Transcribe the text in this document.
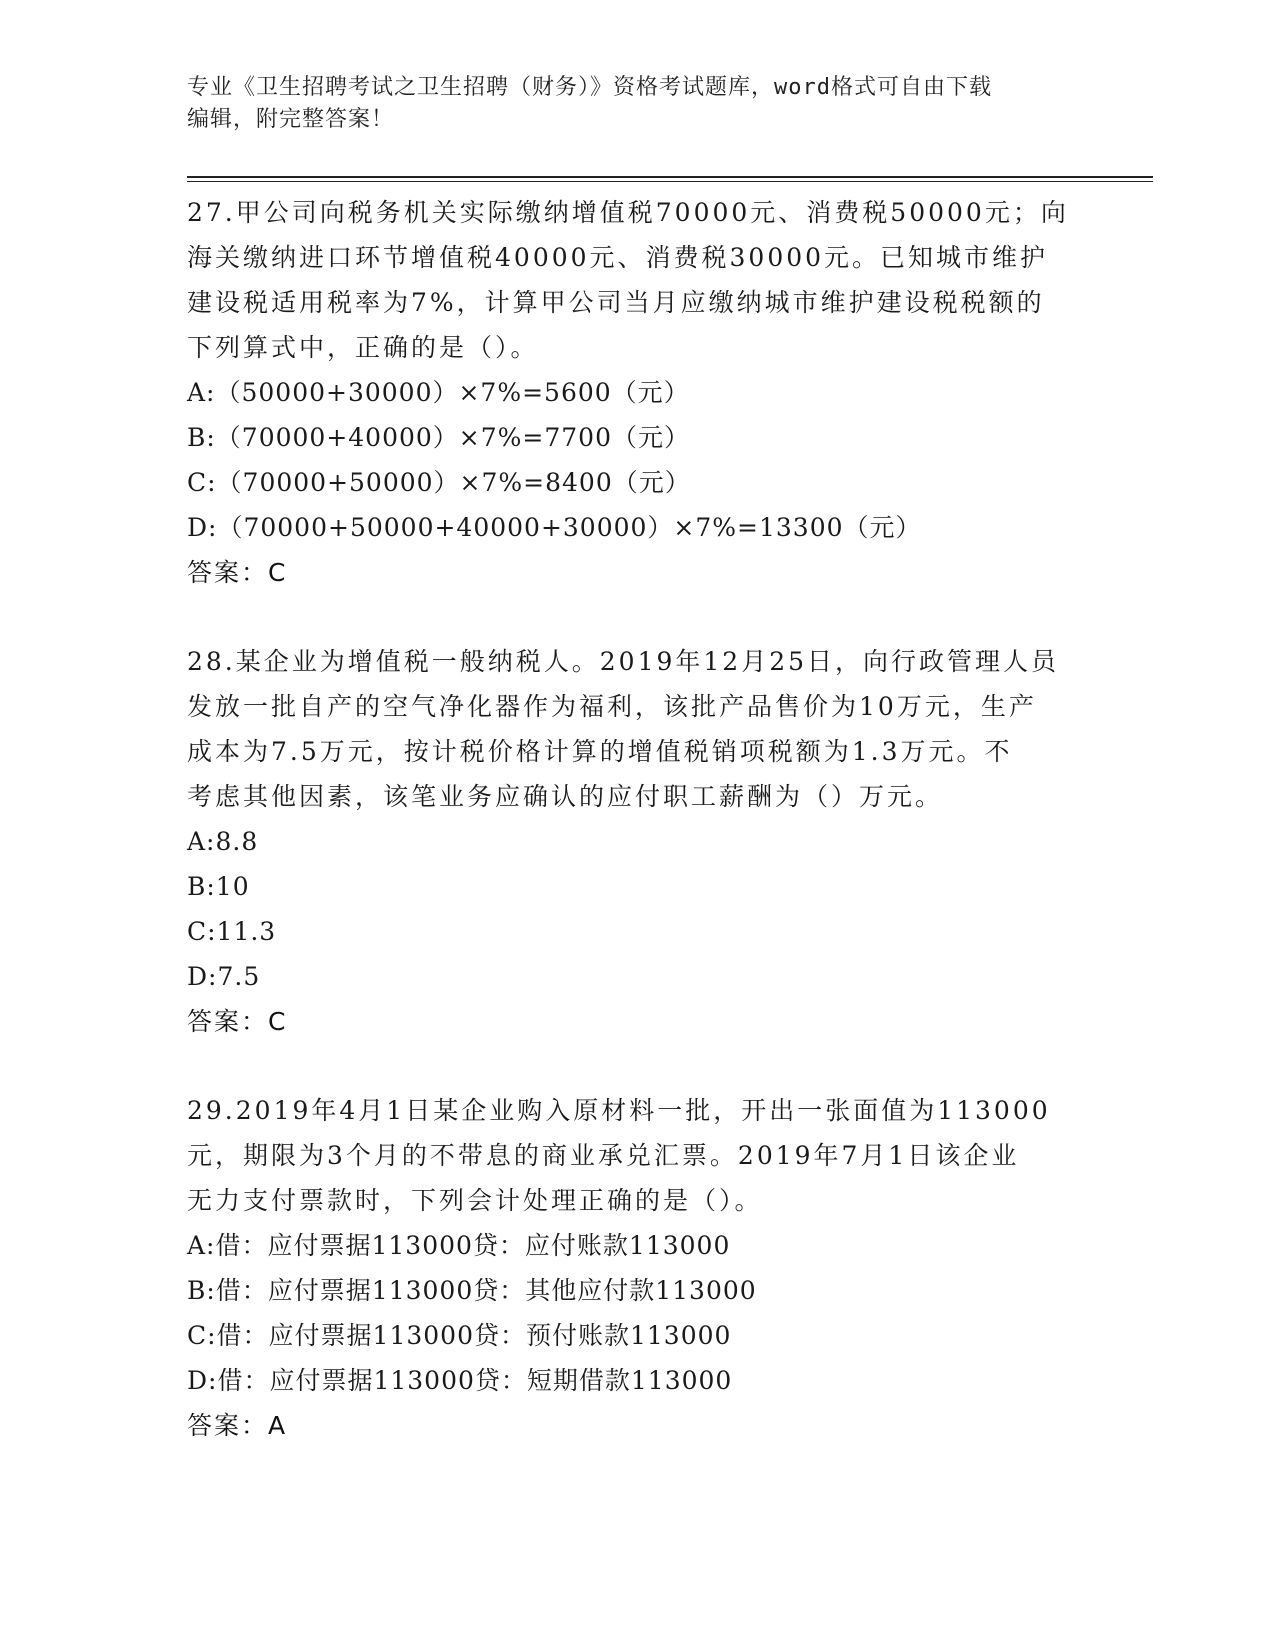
专业《卫生招聘考试之卫生招聘（财务）》资格考试题库，word格式可自由下载
编辑，附完整答案！

27.甲公司向税务机关实际缴纳增值税70000元、消费税50000元；向

海关缴纳进口环节增值税40000元、消费税30000元。已知城市维护

建设税适用税率为7%，计算甲公司当月应缴纳城市维护建设税税额的

下列算式中，正确的是（）。

A:（50000+30000）×7%=5600（元）

B:（70000+40000）×7%=7700（元）

C:（70000+50000）×7%=8400（元）

D:（70000+50000+40000+30000）×7%=13300（元）

答案：C

28.某企业为增值税一般纳税人。2019年12月25日，向行政管理人员

发放一批自产的空气净化器作为福利，该批产品售价为10万元，生产

成本为7.5万元，按计税价格计算的增值税销项税额为1.3万元。不

考虑其他因素，该笔业务应确认的应付职工薪酬为（）万元。

A:8.8

B:10

C:11.3

D:7.5

答案：C

29.2019年4月1日某企业购入原材料一批，开出一张面值为113000

元，期限为3个月的不带息的商业承兑汇票。2019年7月1日该企业

无力支付票款时，下列会计处理正确的是（）。

A:借：应付票据113000贷：应付账款113000

B:借：应付票据113000贷：其他应付款113000

C:借：应付票据113000贷：预付账款113000

D:借：应付票据113000贷：短期借款113000

答案：A
